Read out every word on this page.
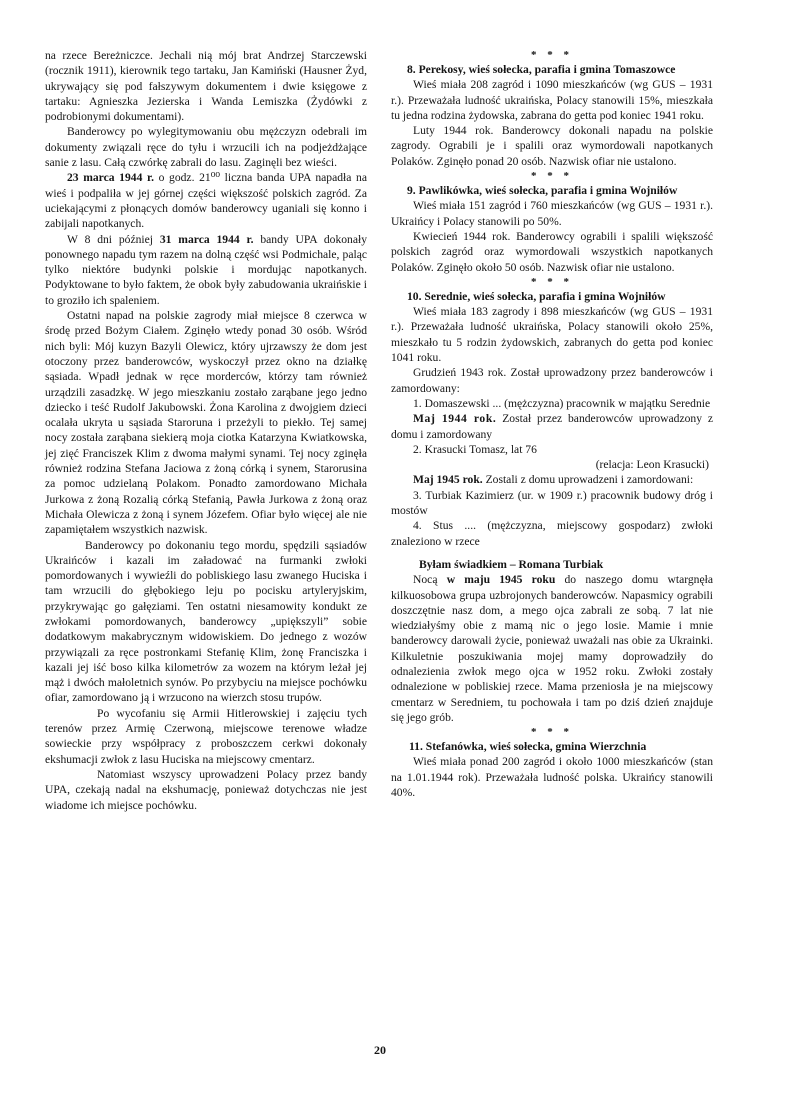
na rzece Bereżniczce. Jechali nią mój brat Andrzej Starczewski (rocznik 1911), kierownik tego tartaku, Jan Kamiński (Hausner Żyd, ukrywający się pod fałszywym dokumentem i dwie księgowe z tartaku: Agnieszka Jezierska i Wanda Lemiszka (Żydówki z podrobionymi dokumentami).

Banderowcy po wylegitymowaniu obu mężczyzn odebrali im dokumenty związali ręce do tyłu i wrzucili ich na podjeżdżające sanie z lasu. Całą czwórkę zabrali do lasu. Zaginęli bez wieści.

23 marca 1944 r. o godz. 21⁰⁰ liczna banda UPA napadła na wieś i podpaliła w jej górnej części większość polskich zagród. Za uciekającymi z płonących domów banderowcy uganiali się konno i zabijali napotkanych.

W 8 dni później 31 marca 1944 r. bandy UPA dokonały ponownego napadu tym razem na dolną część wsi Podmichale, paląc tylko niektóre budynki polskie i mordując napotkanych. Podyktowane to było faktem, że obok były zabudowania ukraińskie i to groziło ich spaleniem.

Ostatni napad na polskie zagrody miał miejsce 8 czerwca w środę przed Bożym Ciałem. Zginęło wtedy ponad 30 osób. Wśród nich byli: Mój kuzyn Bazyli Olewicz, który ujrzawszy że dom jest otoczony przez banderowców, wyskoczył przez okno na działkę sąsiada. Wpadł jednak w ręce morderców, którzy tam również urządzili zasadzkę. W jego mieszkaniu zostało zarąbane jego jedno dziecko i teść Rudolf Jakubowski. Żona Karolina z dwojgiem dzieci ocalała ukryta u sąsiada Staroruna i przeżyli to piekło. Tej samej nocy została zarąbana siekierą moja ciotka Katarzyna Kwiatkowska, jej zięć Franciszek Klim z dwoma małymi synami. Tej nocy zginęła również rodzina Stefana Jaciowa z żoną córką i synem, Starorusina za pomoc udzielaną Polakom. Ponadto zamordowano Michała Jurkowa z żoną Rozalią córką Stefanią, Pawła Jurkowa z żoną oraz Michała Olewicza z żoną i synem Józefem. Ofiar było więcej ale nie zapamiętałem wszystkich nazwisk.

Banderowcy po dokonaniu tego mordu, spędzili sąsiadów Ukraińców i kazali im załadować na furmanki zwłoki pomordowanych i wywieźli do pobliskiego lasu zwanego Huciska i tam wrzucili do głębokiego leju po pocisku artyleryjskim, przykrywając go gałęziami. Ten ostatni niesamowity kondukt ze zwłokami pomordowanych, banderowcy „upiększyli” sobie dodatkowym makabrycznym widowiskiem. Do jednego z wozów przywiązali za ręce postronkami Stefanię Klim, żonę Franciszka i kazali jej iść boso kilka kilometrów za wozem na którym leżał jej mąż i dwóch małoletnich synów. Po przybyciu na miejsce pochówku ofiar, zamordowano ją i wrzucono na wierzch stosu trupów.

Po wycofaniu się Armii Hitlerowskiej i zajęciu tych terenów przez Armię Czerwoną, miejscowe terenowe władze sowieckie przy współpracy z proboszczem cerkwi dokonały ekshumacji zwłok z lasu Huciska na miejscowy cmentarz.

Natomiast wszyscy uprowadzeni Polacy przez bandy UPA, czekają nadal na ekshumację, ponieważ dotychczas nie jest wiadome ich miejsce pochówku.

* * *

8. Perekosy, wieś sołecka, parafia i gmina Tomaszowce

Wieś miała 208 zagród i 1090 mieszkańców (wg GUS – 1931 r.). Przeważała ludność ukraińska, Polacy stanowili 15%, mieszkała tu jedna rodzina żydowska, zabrana do getta pod koniec 1941 roku.

Luty 1944 rok. Banderowcy dokonali napadu na polskie zagrody. Ograbili je i spalili oraz wymordowali napotkanych Polaków. Zginęło ponad 20 osób. Nazwisk ofiar nie ustalono.

* * *

9. Pawlikówka, wieś sołecka, parafia i gmina Wojniłów

Wieś miała 151 zagród i 760 mieszkańców (wg GUS – 1931 r.). Ukraińcy i Polacy stanowili po 50%.

Kwiecień 1944 rok. Banderowcy ograbili i spalili większość polskich zagród oraz wymordowali wszystkich napotkanych Polaków. Zginęło około 50 osób. Nazwisk ofiar nie ustalono.

* * *

10. Serednie, wieś sołecka, parafia i gmina Wojniłów

Wieś miała 183 zagrody i 898 mieszkańców (wg GUS – 1931 r.). Przeważała ludność ukraińska, Polacy stanowili około 25%, mieszkało tu 5 rodzin żydowskich, zabranych do getta pod koniec 1041 roku.

Grudzień 1943 rok. Został uprowadzony przez banderowców i zamordowany:

1. Domaszewski ... (mężczyzna) pracownik w majątku Serednie

Maj 1944 rok. Został przez banderowców uprowadzony z domu i zamordowany

2. Krasucki Tomasz, lat 76

(relacja: Leon Krasucki)

Maj 1945 rok. Zostali z domu uprowadzeni i zamordowani:

3. Turbiak Kazimierz (ur. w 1909 r.) pracownik budowy dróg i mostów

4. Stus .... (mężczyzna, miejscowy gospodarz) zwłoki znaleziono w rzece

Byłam świadkiem – Romana Turbiak

Nocą w maju 1945 roku do naszego domu wtargnęła kilkuosobowa grupa uzbrojonych banderowców. Napasmicy ograbili doszczętnie nasz dom, a mego ojca zabrali ze sobą. 7 lat nie wiedziałyśmy obie z mamą nic o jego losie. Mamie i mnie banderowcy darowali życie, ponieważ uważali nas obie za Ukrainki. Kilkuletnie poszukiwania mojej mamy doprowadziły do odnalezienia zwłok mego ojca w 1952 roku. Zwłoki zostały odnalezione w pobliskiej rzece. Mama przeniosła je na miejscowy cmentarz w Seredniem, tu pochowała i tam po dziś dzień znajduje się jego grób.

* * *

11. Stefanówka, wieś sołecka, gmina Wierzchnia

Wieś miała ponad 200 zagród i około 1000 mieszkańców (stan na 1.01.1944 rok). Przeważała ludność polska. Ukraińcy stanowili 40%.

20
